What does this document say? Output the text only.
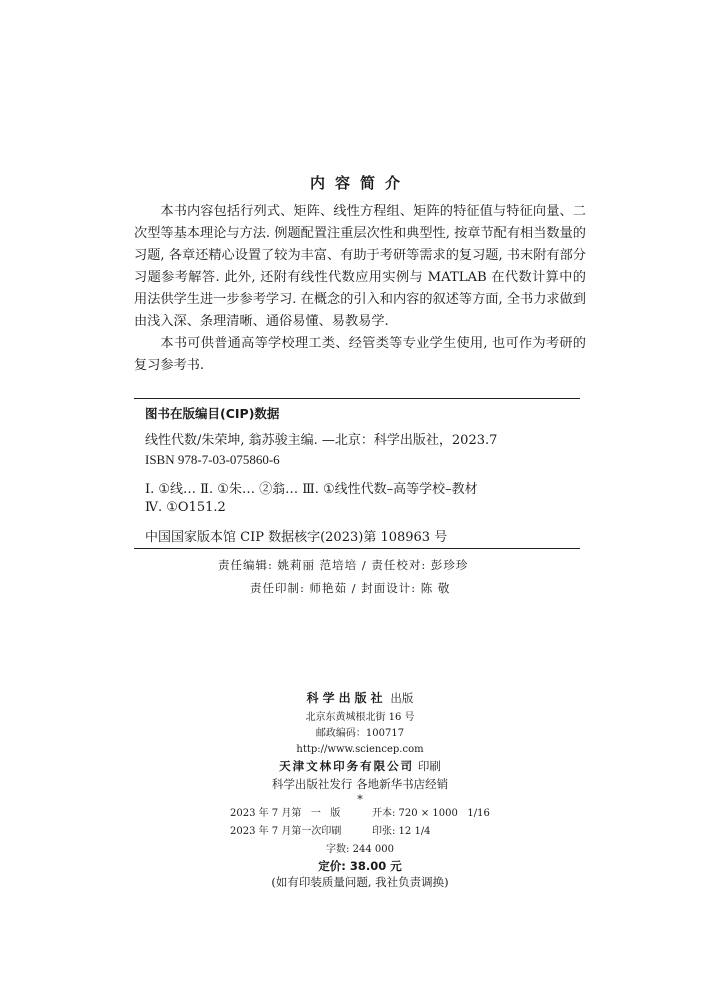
内容简介

本书内容包括行列式、矩阵、线性方程组、矩阵的特征值与特征向量、二次型等基本理论与方法. 例题配置注重层次性和典型性, 按章节配有相当数量的习题, 各章还精心设置了较为丰富、有助于考研等需求的复习题, 书末附有部分习题参考解答. 此外, 还附有线性代数应用实例与 MATLAB 在代数计算中的用法供学生进一步参考学习. 在概念的引入和内容的叙述等方面, 全书力求做到由浅入深、条理清晰、通俗易懂、易教易学.

本书可供普通高等学校理工类、经管类等专业学生使用, 也可作为考研的复习参考书.

图书在版编目(CIP)数据
线性代数/朱荣坤, 翁苏骏主编. —北京：科学出版社，2023.7
ISBN 978-7-03-075860-6
Ⅰ. ①线… Ⅱ. ①朱… ②翁… Ⅲ. ①线性代数–高等学校–教材
Ⅳ. ①O151.2
中国国家版本馆 CIP 数据核字(2023)第 108963 号
责任编辑: 姚莉丽 范培培 / 责任校对: 彭珍珍
责任印制: 师艳茹 / 封面设计: 陈 敬
科学出版社 出版
北京东黄城根北街 16 号
邮政编码：100717
http://www.sciencep.com
天津文林印务有限公司 印刷
科学出版社发行 各地新华书店经销
*
2023 年 7 月第   一   版	开本: 720 × 1000   1/16
2023 年 7 月第一次印刷	印张: 12 1/4
字数: 244 000
定价: 38.00 元
(如有印装质量问题, 我社负责调换)
